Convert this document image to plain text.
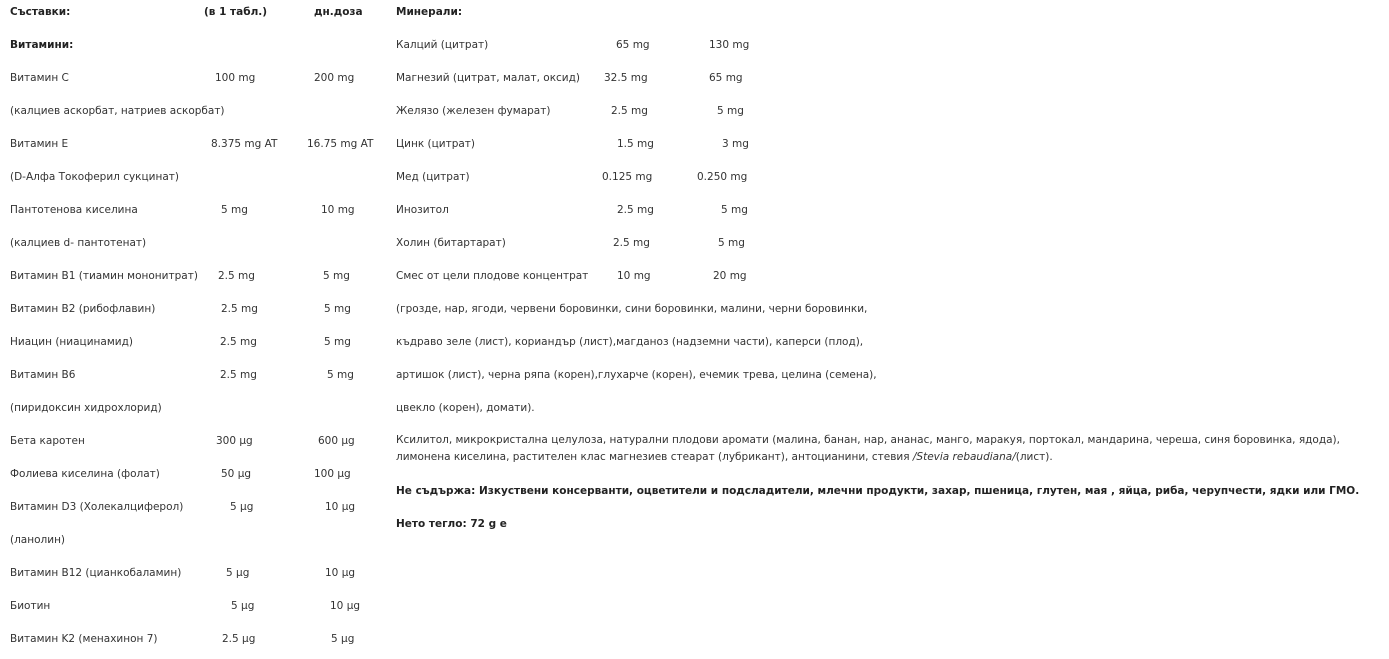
Съставки:	(в 1 табл.)	дн.доза
Витамини:
Витамин C	100 mg	200 mg
(калциев аскорбат, натриев аскорбат)
Витамин E	8.375 mg AT	16.75 mg AT
(D-Алфа Токоферил сукцинат)
Пантотенова киселина	5 mg	10 mg
(калциев d- пантотенат)
Витамин B1 (тиамин мононитрат) 2.5 mg	5 mg
Витамин B2 (рибофлавин)	2.5 mg	5 mg
Ниацин (ниацинамид)	2.5 mg	5 mg
Витамин B6	2.5 mg	5 mg
(пиридоксин хидрохлорид)
Бета каротен	300 µg	600 µg
Фолиева киселина (фолат)	50 µg	100 µg
Витамин D3 (Холекалциферол)	5 µg	10 µg
(ланолин)
Витамин B12 (цианкобаламин)	5 µg	10 µg
Биотин	5 µg	10 µg
Витамин K2 (менахинон 7)	2.5 µg	5 µg
Минерали:
Калций (цитрат)	65 mg	130 mg
Магнезий (цитрат, малат, оксид) 32.5 mg	65 mg
Желязо (железен фумарат)	2.5 mg	5 mg
Цинк (цитрат)	1.5 mg	3 mg
Мед (цитрат)	0.125 mg	0.250 mg
Инозитол	2.5 mg	5 mg
Холин (битартарат)	2.5 mg	5 mg
Смес от цели плодове концентрат	10 mg	20 mg
(грозде, нар, ягоди, червени боровинки, сини боровинки, малини, черни боровинки,
къдраво зеле (лист), кориандър (лист),магданоз (надземни части), каперси (плод),
артишок (лист), черна ряпа (корен),глухарче (корен), ечемик трева, целина (семена),
цвекло (корен), домати).
Ксилитол, микрокристална целулоза, натурални плодови аромати (малина, банан, нар, ананас, манго, маракуя, портокал, мандарина, череша, синя боровинка, ядода), лимонена киселина, растителен клас магнезиев стеарат (лубрикант), антоцианини, стевия /Stevia rebaudiana/(лист).
Не съдържа: Изкуствени консерванти, оцветители и подсладители, млечни продукти, захар, пшеница, глутен, мая , яйца, риба, черупчести, ядки или ГМО.
Нето тегло: 72 g е
